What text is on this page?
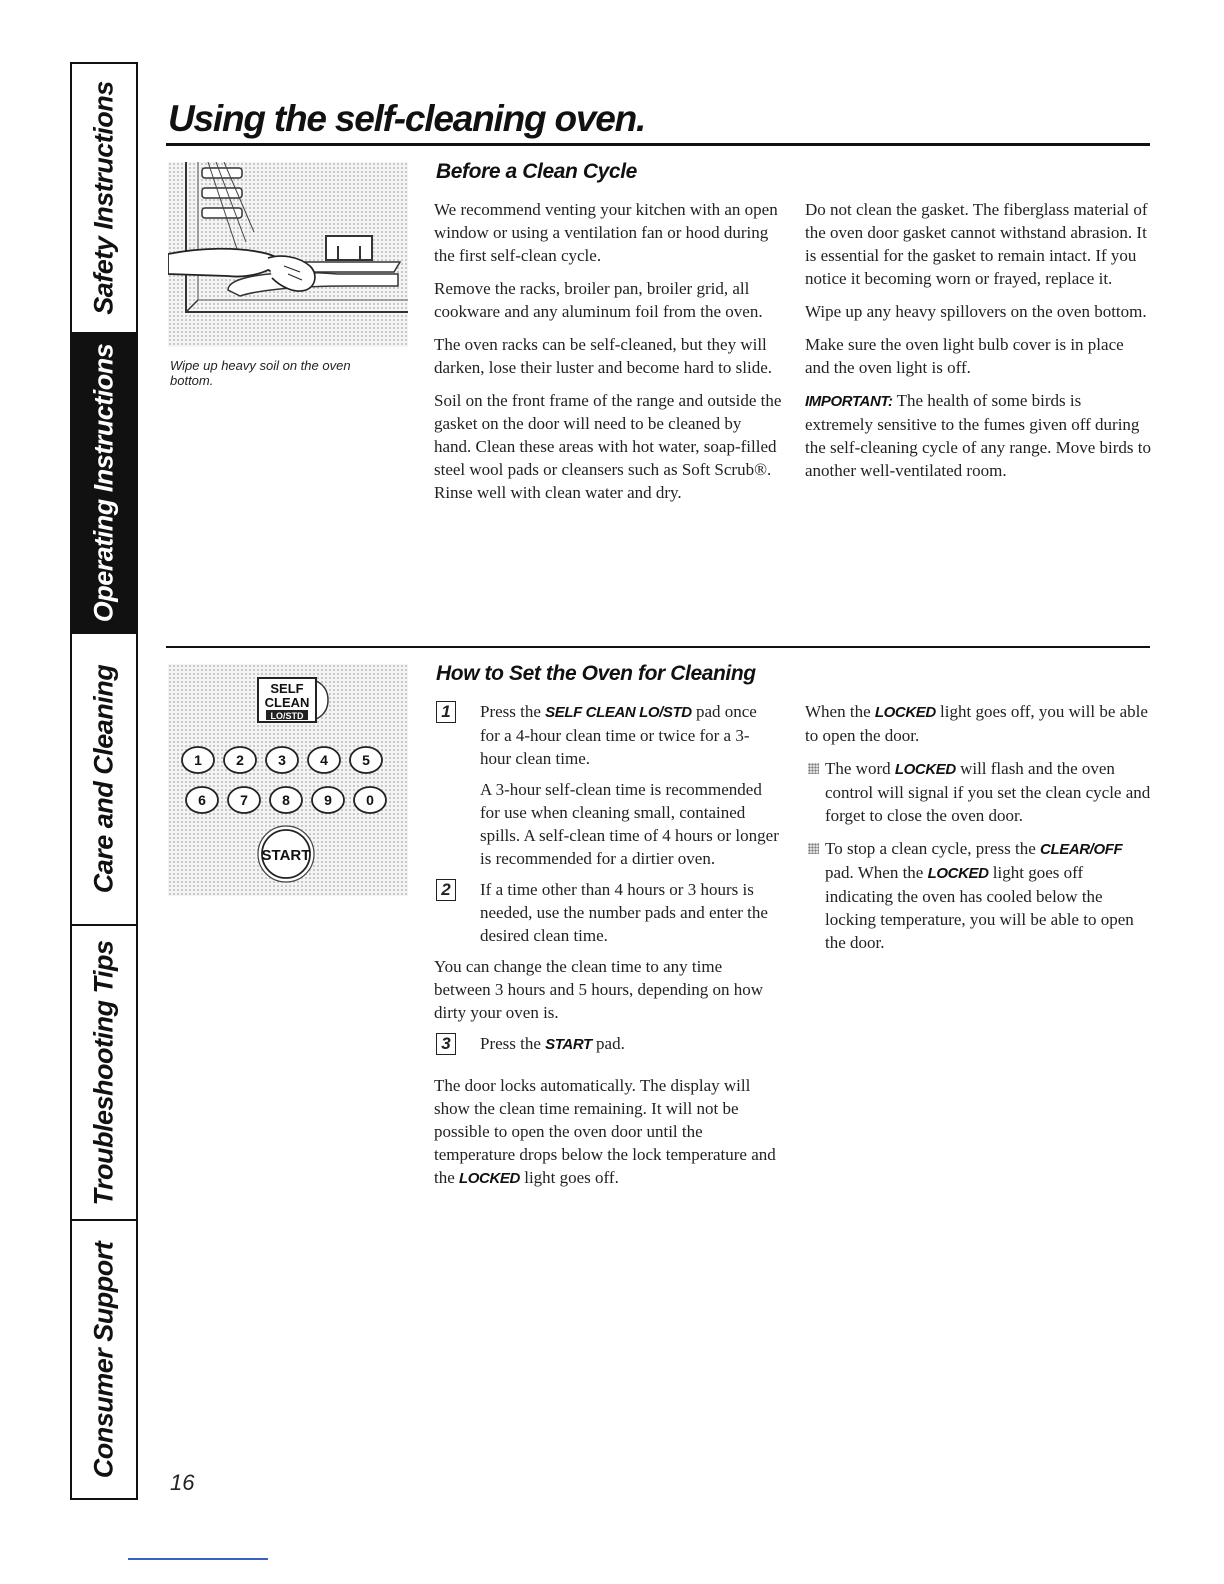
Safety Instructions
Operating Instructions
Care and Cleaning
Troubleshooting Tips
Consumer Support
Using the self-cleaning oven.
Wipe up heavy soil on the oven bottom.
Before a Clean Cycle

We recommend venting your kitchen with an open window or using a ventilation fan or hood during the first self-clean cycle.

Remove the racks, broiler pan, broiler grid, all cookware and any aluminum foil from the oven.

The oven racks can be self-cleaned, but they will darken, lose their luster and become hard to slide.

Soil on the front frame of the range and outside the gasket on the door will need to be cleaned by hand. Clean these areas with hot water, soap-filled steel wool pads or cleansers such as Soft Scrub®. Rinse well with clean water and dry.

Do not clean the gasket. The fiberglass material of the oven door gasket cannot withstand abrasion. It is essential for the gasket to remain intact. If you notice it becoming worn or frayed, replace it.

Wipe up any heavy spillovers on the oven bottom.

Make sure the oven light bulb cover is in place and the oven light is off.

IMPORTANT: The health of some birds is extremely sensitive to the fumes given off during the self-cleaning cycle of any range. Move birds to another well-ventilated room.

SELF
CLEAN
LO/STD
1 2 3 4 5
6 7 8 9 0
START
How to Set the Oven for Cleaning
1	Press the SELF CLEAN LO/STD pad once for a 4-hour clean time or twice for a 3-hour clean time.

A 3-hour self-clean time is recommended for use when cleaning small, contained spills. A self-clean time of 4 hours or longer is recommended for a dirtier oven.

2	If a time other than 4 hours or 3 hours is needed, use the number pads and enter the desired clean time.

You can change the clean time to any time between 3 hours and 5 hours, depending on how dirty your oven is.

3	Press the START pad.

The door locks automatically. The display will show the clean time remaining. It will not be possible to open the oven door until the temperature drops below the lock temperature and the LOCKED light goes off.

When the LOCKED light goes off, you will be able to open the door.

The word LOCKED will flash and the oven control will signal if you set the clean cycle and forget to close the oven door.

To stop a clean cycle, press the CLEAR/OFF pad. When the LOCKED light goes off indicating the oven has cooled below the locking temperature, you will be able to open the door.

16
